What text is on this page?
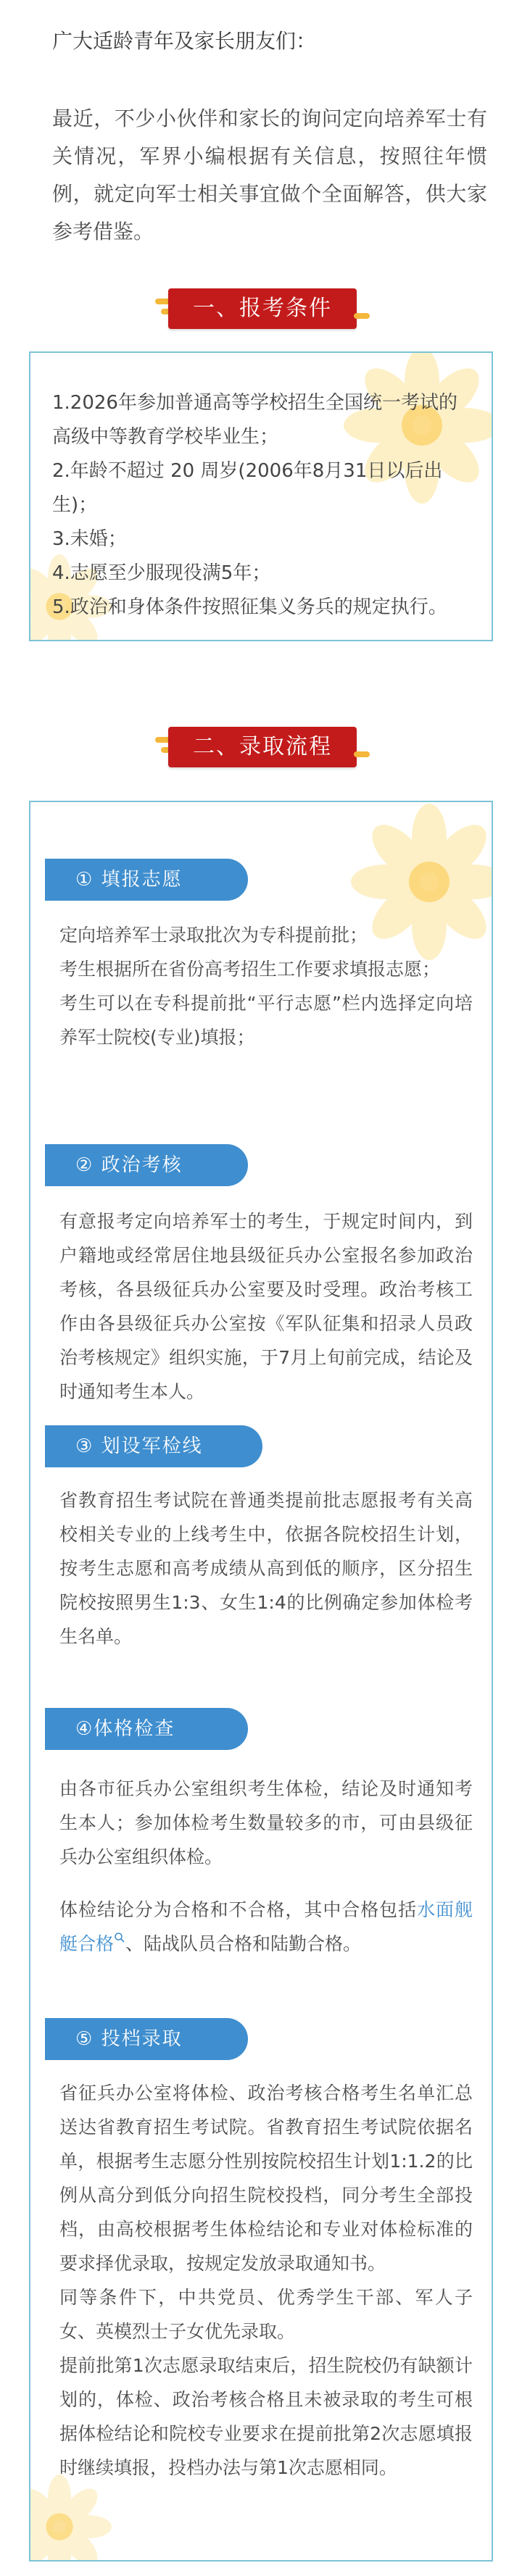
广大适龄青年及家长朋友们：
最近，不少小伙伴和家长的询问定向培养军士有关情况，军界小编根据有关信息，按照往年惯例，就定向军士相关事宜做个全面解答，供大家参考借鉴。
一、报考条件

1.2026年参加普通高等学校招生全国统一考试的高级中等教育学校毕业生；

2.年龄不超过 20 周岁(2006年8月31日以后出生)；

3.未婚；

4.志愿至少服现役满5年；

5.政治和身体条件按照征集义务兵的规定执行。

二、录取流程
① 填报志愿

定向培养军士录取批次为专科提前批；

考生根据所在省份高考招生工作要求填报志愿；

考生可以在专科提前批“平行志愿”栏内选择定向培养军士院校(专业)填报；

② 政治考核

有意报考定向培养军士的考生，于规定时间内，到户籍地或经常居住地县级征兵办公室报名参加政治考核，各县级征兵办公室要及时受理。政治考核工作由各县级征兵办公室按《军队征集和招录人员政治考核规定》组织实施，于7月上旬前完成，结论及时通知考生本人。

③ 划设军检线

省教育招生考试院在普通类提前批志愿报考有关高校相关专业的上线考生中，依据各院校招生计划，按考生志愿和高考成绩从高到低的顺序，区分招生院校按照男生1:3、女生1:4的比例确定参加体检考生名单。

④体格检查

由各市征兵办公室组织考生体检，结论及时通知考生本人；参加体检考生数量较多的市，可由县级征兵办公室组织体检。

体检结论分为合格和不合格，其中合格包括水面舰艇合格 、陆战队员合格和陆勤合格。

⑤ 投档录取

省征兵办公室将体检、政治考核合格考生名单汇总送达省教育招生考试院。省教育招生考试院依据名单，根据考生志愿分性别按院校招生计划1:1.2的比例从高分到低分向招生院校投档，同分考生全部投档，由高校根据考生体检结论和专业对体检标准的要求择优录取，按规定发放录取通知书。

同等条件下，中共党员、优秀学生干部、军人子女、英模烈士子女优先录取。

提前批第1次志愿录取结束后，招生院校仍有缺额计划的，体检、政治考核合格且未被录取的考生可根据体检结论和院校专业要求在提前批第2次志愿填报时继续填报，投档办法与第1次志愿相同。
